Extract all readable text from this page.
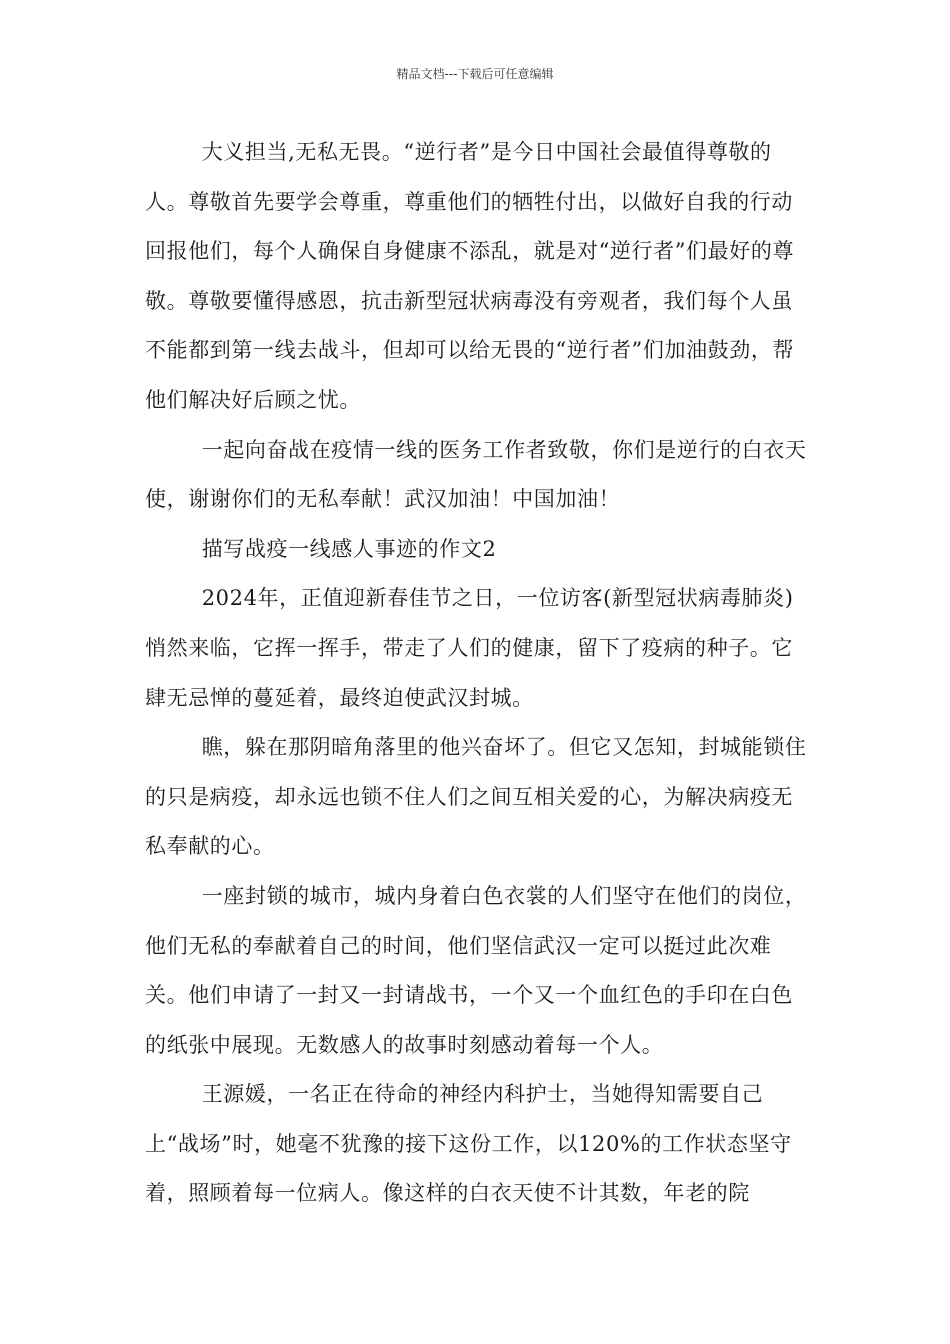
精品文档---下载后可任意编辑

大义担当,无私无畏。“逆行者”是今日中国社会最值得尊敬的人。尊敬首先要学会尊重，尊重他们的牺牲付出，以做好自我的行动回报他们，每个人确保自身健康不添乱，就是对“逆行者”们最好的尊敬。尊敬要懂得感恩，抗击新型冠状病毒没有旁观者，我们每个人虽不能都到第一线去战斗，但却可以给无畏的“逆行者”们加油鼓劲，帮他们解决好后顾之忧。

一起向奋战在疫情一线的医务工作者致敬，你们是逆行的白衣天使，谢谢你们的无私奉献！武汉加油！中国加油！

描写战疫一线感人事迹的作文2

2024年，正值迎新春佳节之日，一位访客(新型冠状病毒肺炎)悄然来临，它挥一挥手，带走了人们的健康，留下了疫病的种子。它肆无忌惮的蔓延着，最终迫使武汉封城。

瞧，躲在那阴暗角落里的他兴奋坏了。但它又怎知，封城能锁住的只是病疫，却永远也锁不住人们之间互相关爱的心，为解决病疫无私奉献的心。

一座封锁的城市，城内身着白色衣裳的人们坚守在他们的岗位，他们无私的奉献着自己的时间，他们坚信武汉一定可以挺过此次难关。他们申请了一封又一封请战书，一个又一个血红色的手印在白色的纸张中展现。无数感人的故事时刻感动着每一个人。

王源媛，一名正在待命的神经内科护士，当她得知需要自己上“战场”时，她毫不犹豫的接下这份工作，以120%的工作状态坚守着，照顾着每一位病人。像这样的白衣天使不计其数，年老的院
